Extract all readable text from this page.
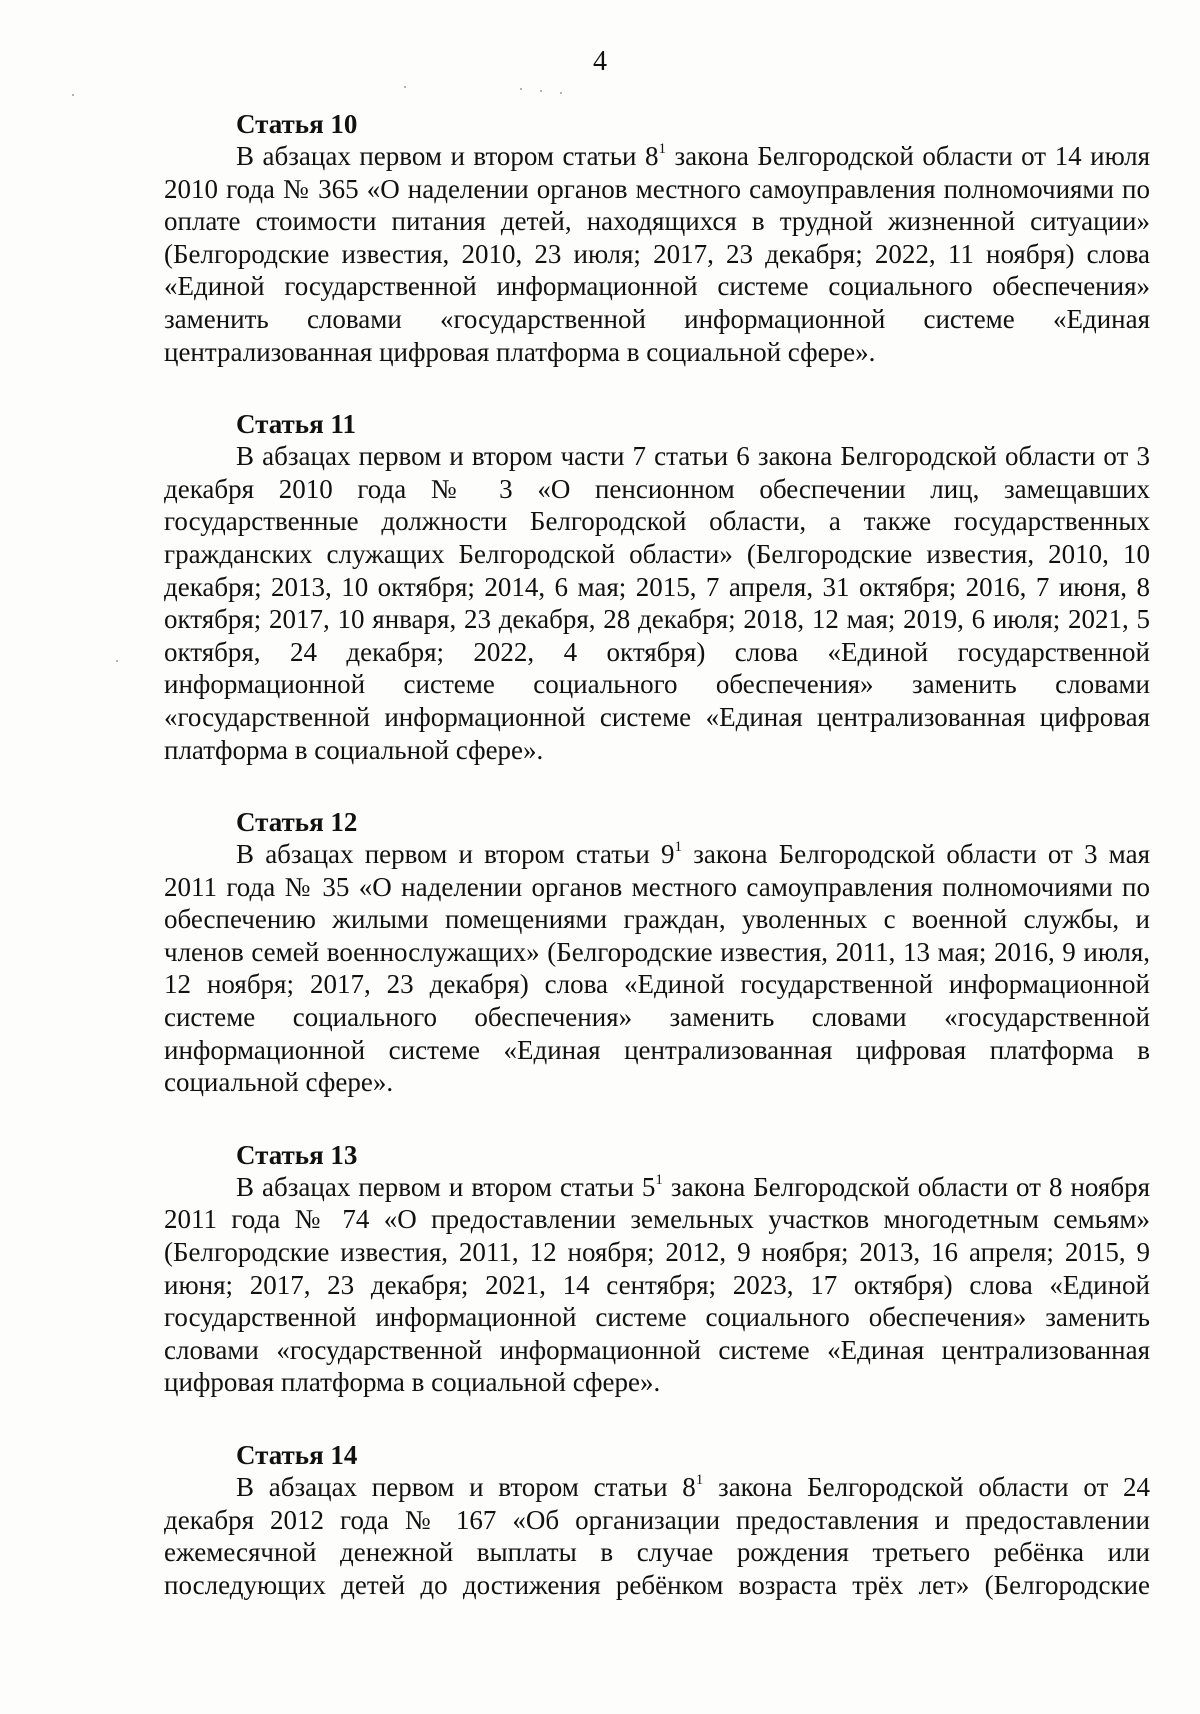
4

Статья 10

В абзацах первом и втором статьи $8^1$ закона Белгородской области от 14 июля 2010 года № 365 «О наделении органов местного самоуправления полномочиями по оплате стоимости питания детей, находящихся в трудной жизненной ситуации» (Белгородские известия, 2010, 23 июля; 2017, 23 декабря; 2022, 11 ноября) слова «Единой государственной информационной системе социального обеспечения» заменить словами «государственной информационной системе «Единая централизованная цифровая платформа в социальной сфере».

Статья 11

В абзацах первом и втором части 7 статьи 6 закона Белгородской области от 3 декабря 2010 года № 3 «О пенсионном обеспечении лиц, замещавших государственные должности Белгородской области, а также государственных гражданских служащих Белгородской области» (Белгородские известия, 2010, 10 декабря; 2013, 10 октября; 2014, 6 мая; 2015, 7 апреля, 31 октября; 2016, 7 июня, 8 октября; 2017, 10 января, 23 декабря, 28 декабря; 2018, 12 мая; 2019, 6 июля; 2021, 5 октября, 24 декабря; 2022, 4 октября) слова «Единой государственной информационной системе социального обеспечения» заменить словами «государственной информационной системе «Единая централизованная цифровая платформа в социальной сфере».

Статья 12

В абзацах первом и втором статьи $9^1$ закона Белгородской области от 3 мая 2011 года № 35 «О наделении органов местного самоуправления полномочиями по обеспечению жилыми помещениями граждан, уволенных с военной службы, и членов семей военнослужащих» (Белгородские известия, 2011, 13 мая; 2016, 9 июля, 12 ноября; 2017, 23 декабря) слова «Единой государственной информационной системе социального обеспечения» заменить словами «государственной информационной системе «Единая централизованная цифровая платформа в социальной сфере».

Статья 13

В абзацах первом и втором статьи $5^1$ закона Белгородской области от 8 ноября 2011 года № 74 «О предоставлении земельных участков многодетным семьям» (Белгородские известия, 2011, 12 ноября; 2012, 9 ноября; 2013, 16 апреля; 2015, 9 июня; 2017, 23 декабря; 2021, 14 сентября; 2023, 17 октября) слова «Единой государственной информационной системе социального обеспечения» заменить словами «государственной информационной системе «Единая централизованная цифровая платформа в социальной сфере».

Статья 14

В абзацах первом и втором статьи $8^1$ закона Белгородской области от 24 декабря 2012 года № 167 «Об организации предоставления и предоставлении ежемесячной денежной выплаты в случае рождения третьего ребёнка или последующих детей до достижения ребёнком возраста трёх лет» (Белгородские
